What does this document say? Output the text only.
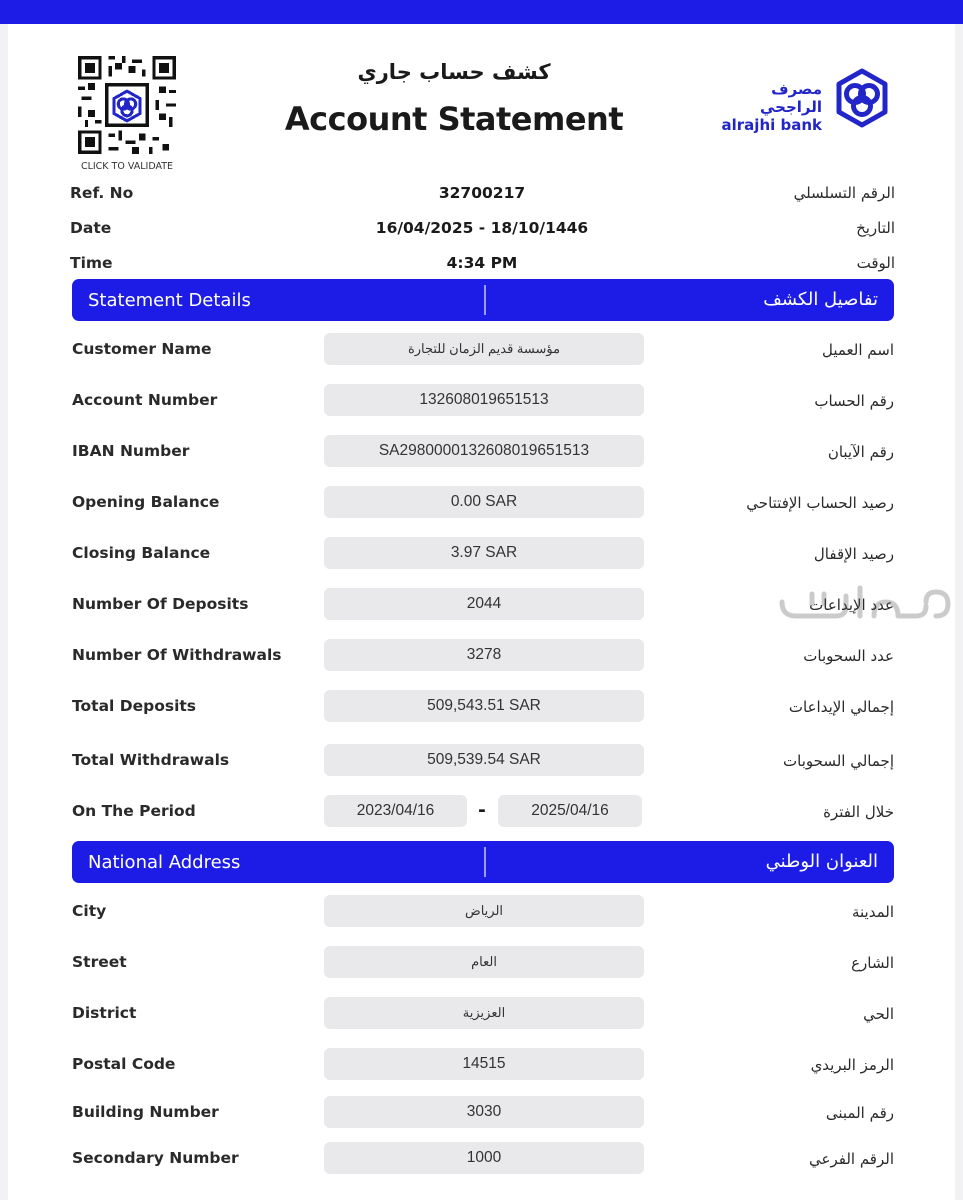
CLICK TO VALIDATE
كشف حساب جاري
Account Statement
مصرف الراجحي
alrajhi bank
Ref. No	32700217	الرقم التسلسلي
Date	16/04/2025 - 18/10/1446	التاريخ
Time	4:34 PM	الوقت
Statement Details	تفاصيل الكشف
Customer Name	مؤسسة قديم الزمان للتجارة	اسم العميل
Account Number	132608019651513	رقم الحساب
IBAN Number	SA2980000132608019651513	رقم الآيبان
Opening Balance	0.00 SAR	رصيد الحساب الإفتتاحي
Closing Balance	3.97 SAR	رصيد الإقفال
Number Of Deposits	2044	عدد الإيداعات
Number Of Withdrawals	3278	عدد السحوبات
Total Deposits	509,543.51 SAR	إجمالي الإيداعات
Total Withdrawals	509,539.54 SAR	إجمالي السحوبات
On The Period	2023/04/16	-	2025/04/16	خلال الفترة
National Address	العنوان الوطني
City	الرياض	المدينة
Street	العام	الشارع
District	العزيزية	الحي
Postal Code	14515	الرمز البريدي
Building Number	3030	رقم المبنى
Secondary Number	1000	الرقم الفرعي
